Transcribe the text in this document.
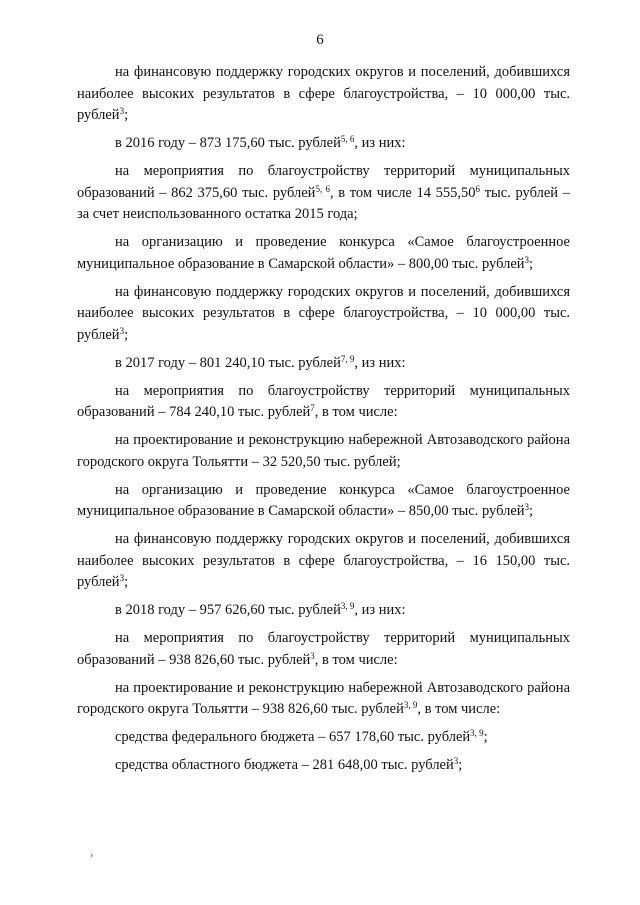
6

на финансовую поддержку городских округов и поселений, добившихся наиболее высоких результатов в сфере благоустройства, – 10 000,00 тыс. рублей$^3$;

в 2016 году – 873 175,60 тыс. рублей$^{5, 6}$, из них:

на мероприятия по благоустройству территорий муниципальных образований – 862 375,60 тыс. рублей$^{5, 6}$, в том числе 14 555,50$^6$ тыс. рублей – за счет неиспользованного остатка 2015 года;

на организацию и проведение конкурса «Самое благоустроенное муниципальное образование в Самарской области» – 800,00 тыс. рублей$^3$;

на финансовую поддержку городских округов и поселений, добившихся наиболее высоких результатов в сфере благоустройства, – 10 000,00 тыс. рублей$^3$;

в 2017 году – 801 240,10 тыс. рублей$^{7, 9}$, из них:

на мероприятия по благоустройству территорий муниципальных образований – 784 240,10 тыс. рублей$^7$, в том числе:

на проектирование и реконструкцию набережной Автозаводского района городского округа Тольятти – 32 520,50 тыс. рублей;

на организацию и проведение конкурса «Самое благоустроенное муниципальное образование в Самарской области» – 850,00 тыс. рублей$^3$;

на финансовую поддержку городских округов и поселений, добившихся наиболее высоких результатов в сфере благоустройства, – 16 150,00 тыс. рублей$^3$;

в 2018 году – 957 626,60 тыс. рублей$^{3, 9}$, из них:

на мероприятия по благоустройству территорий муниципальных образований – 938 826,60 тыс. рублей$^3$, в том числе:

на проектирование и реконструкцию набережной Автозаводского района городского округа Тольятти – 938 826,60 тыс. рублей$^{3, 9}$, в том числе:

средства федерального бюджета – 657 178,60 тыс. рублей$^{3, 9}$;

средства областного бюджета – 281 648,00 тыс. рублей$^3$;

›
